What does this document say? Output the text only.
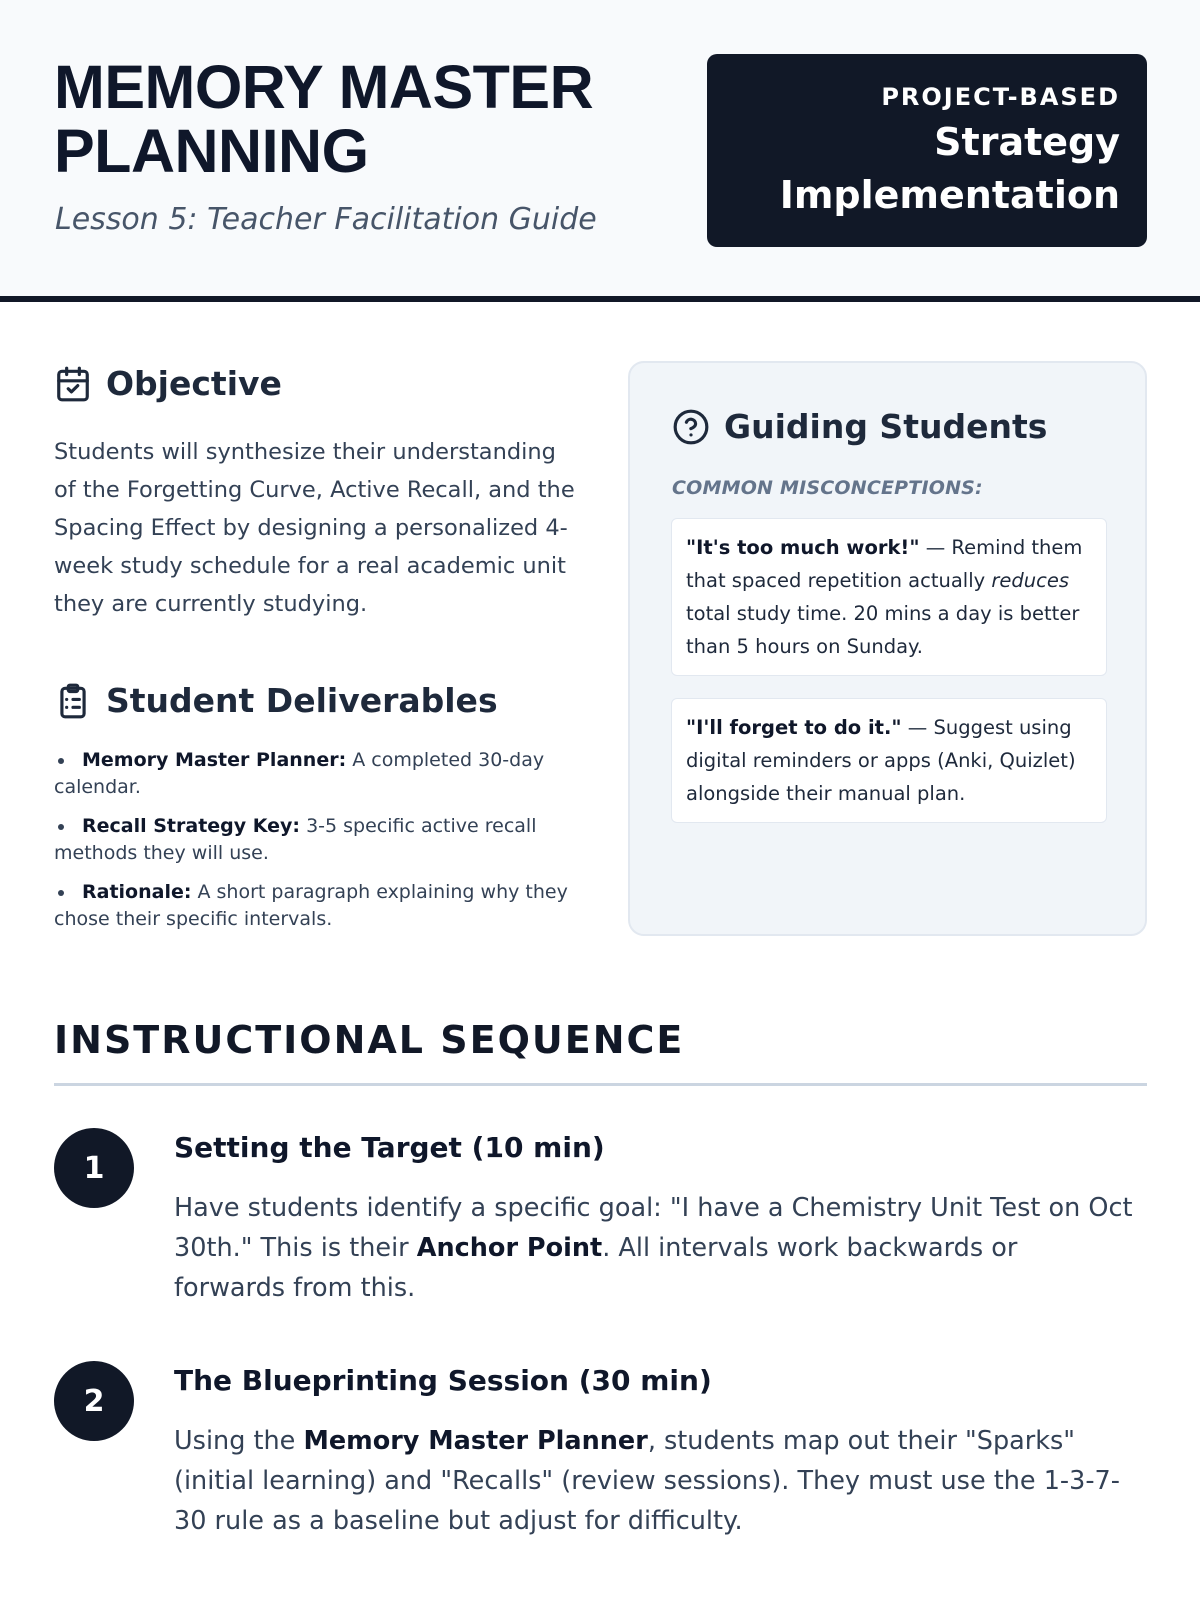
MEMORY MASTER PLANNING
Lesson 5: Teacher Facilitation Guide
PROJECT-BASED
Strategy Implementation
Objective

Students will synthesize their understanding of the Forgetting Curve, Active Recall, and the Spacing Effect by designing a personalized 4-week study schedule for a real academic unit they are currently studying.

Student Deliverables
Memory Master Planner: A completed 30-day calendar.
Recall Strategy Key: 3-5 specific active recall methods they will use.
Rationale: A short paragraph explaining why they chose their specific intervals.
Guiding Students
COMMON MISCONCEPTIONS:
"It's too much work!" — Remind them that spaced repetition actually reduces total study time. 20 mins a day is better than 5 hours on Sunday.
"I'll forget to do it." — Suggest using digital reminders or apps (Anki, Quizlet) alongside their manual plan.
INSTRUCTIONAL SEQUENCE
1
Setting the Target (10 min)

Have students identify a specific goal: "I have a Chemistry Unit Test on Oct 30th." This is their Anchor Point. All intervals work backwards or forwards from this.

2
The Blueprinting Session (30 min)

Using the Memory Master Planner, students map out their "Sparks" (initial learning) and "Recalls" (review sessions). They must use the 1-3-7-30 rule as a baseline but adjust for difficulty.
